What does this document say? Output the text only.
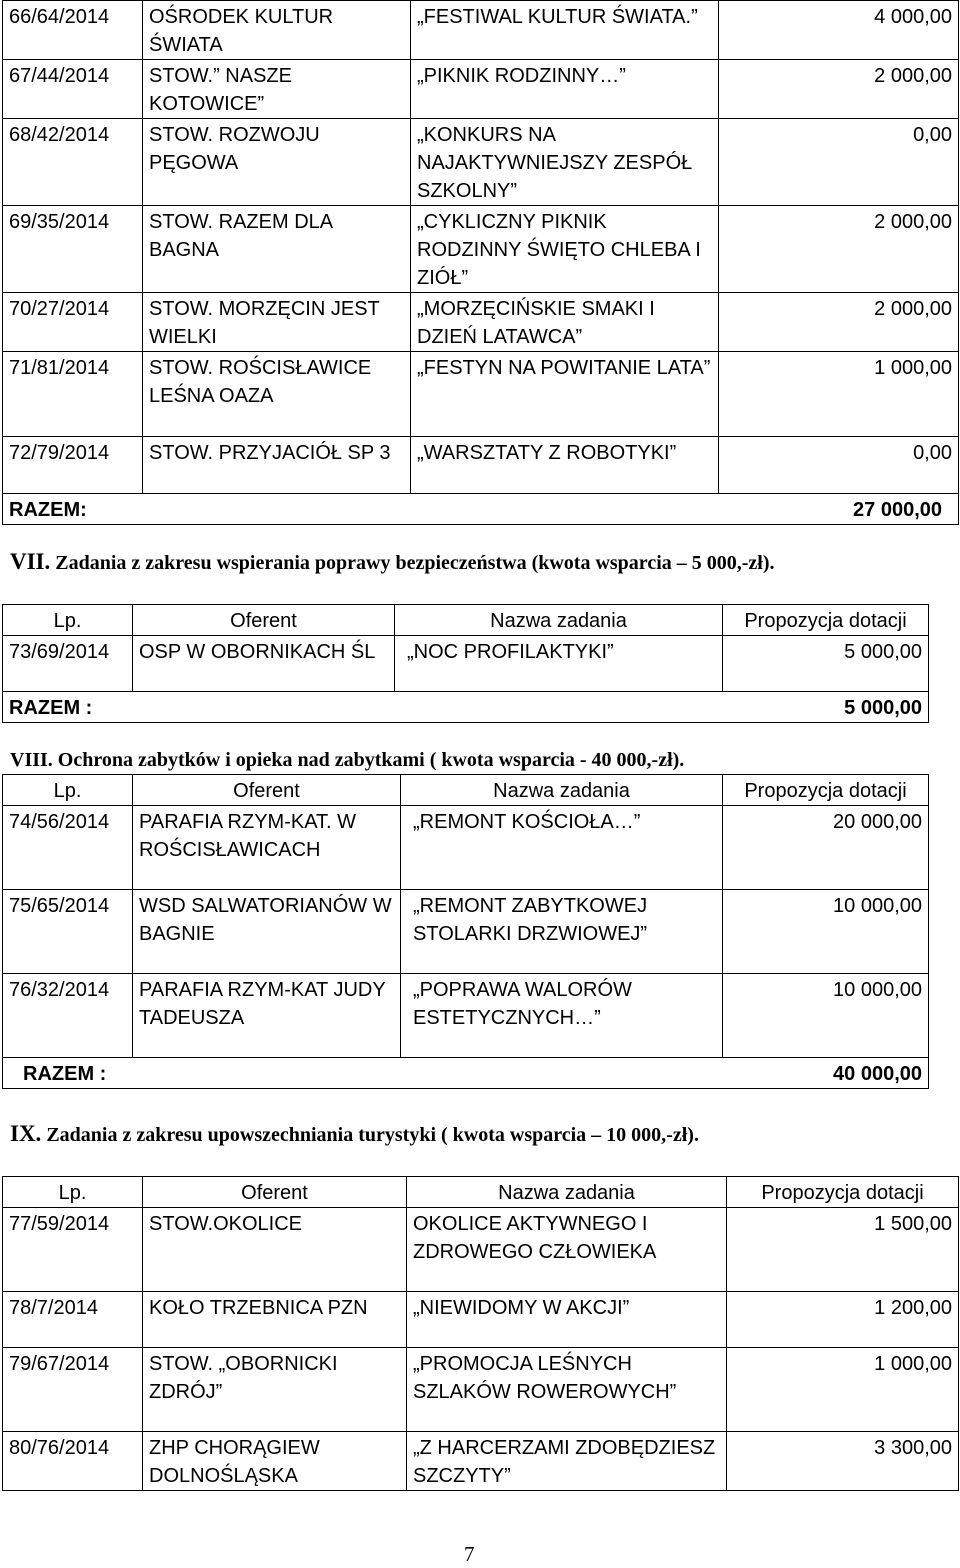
66/64/2014	OŚRODEK KULTUR ŚWIATA	„FESTIWAL KULTUR ŚWIATA.”	4 000,00
67/44/2014	STOW.” NASZE KOTOWICE”	„PIKNIK RODZINNY…”	2 000,00
68/42/2014	STOW. ROZWOJU PĘGOWA	„KONKURS NA NAJAKTYWNIEJSZY ZESPÓŁ SZKOLNY”	0,00
69/35/2014	STOW. RAZEM DLA BAGNA	„CYKLICZNY PIKNIK RODZINNY ŚWIĘTO CHLEBA I ZIÓŁ”	2 000,00
70/27/2014	STOW. MORZĘCIN JEST WIELKI	„MORZĘCIŃSKIE SMAKI I DZIEŃ LATAWCA”	2 000,00
71/81/2014	STOW. ROŚCISŁAWICE LEŚNA OAZA	„FESTYN NA POWITANIE LATA”	1 000,00
72/79/2014	STOW. PRZYJACIÓŁ SP 3	„WARSZTATY Z ROBOTYKI”	0,00

RAZEM: 27 000,00			
VII. Zadania z zakresu wspierania poprawy bezpieczeństwa (kwota wsparcia – 5 000,-zł).
Lp.	Oferent	Nazwa zadania	Propozycja dotacji
73/69/2014	OSP W OBORNIKACH ŚL	„NOC PROFILAKTYKI”	5 000,00

RAZEM : 5 000,00			
VIII. Ochrona zabytków i opieka nad zabytkami ( kwota wsparcia - 40 000,-zł).
Lp.	Oferent	Nazwa zadania	Propozycja dotacji
74/56/2014	PARAFIA RZYM-KAT. W ROŚCISŁAWICACH	„REMONT KOŚCIOŁA…”	20 000,00
75/65/2014	WSD SALWATORIANÓW W BAGNIE	„REMONT ZABYTKOWEJ STOLARKI DRZWIOWEJ”	10 000,00
76/32/2014	PARAFIA RZYM-KAT JUDY TADEUSZA	„POPRAWA WALORÓW ESTETYCZNYCH…”	10 000,00

RAZEM : 40 000,00			
IX. Zadania z zakresu upowszechniania turystyki ( kwota wsparcia – 10 000,-zł).
Lp.	Oferent	Nazwa zadania	Propozycja dotacji
77/59/2014	STOW.OKOLICE	OKOLICE AKTYWNEGO I ZDROWEGO CZŁOWIEKA	1 500,00
78/7/2014	KOŁO TRZEBNICA PZN	„NIEWIDOMY W AKCJI”	1 200,00
79/67/2014	STOW. „OBORNICKI ZDRÓJ”	„PROMOCJA LEŚNYCH SZLAKÓW ROWEROWYCH”	1 000,00
80/76/2014	ZHP CHORĄGIEW DOLNOŚLĄSKA	„Z HARCERZAMI ZDOBĘDZIESZ SZCZYTY”	3 300,00
7
